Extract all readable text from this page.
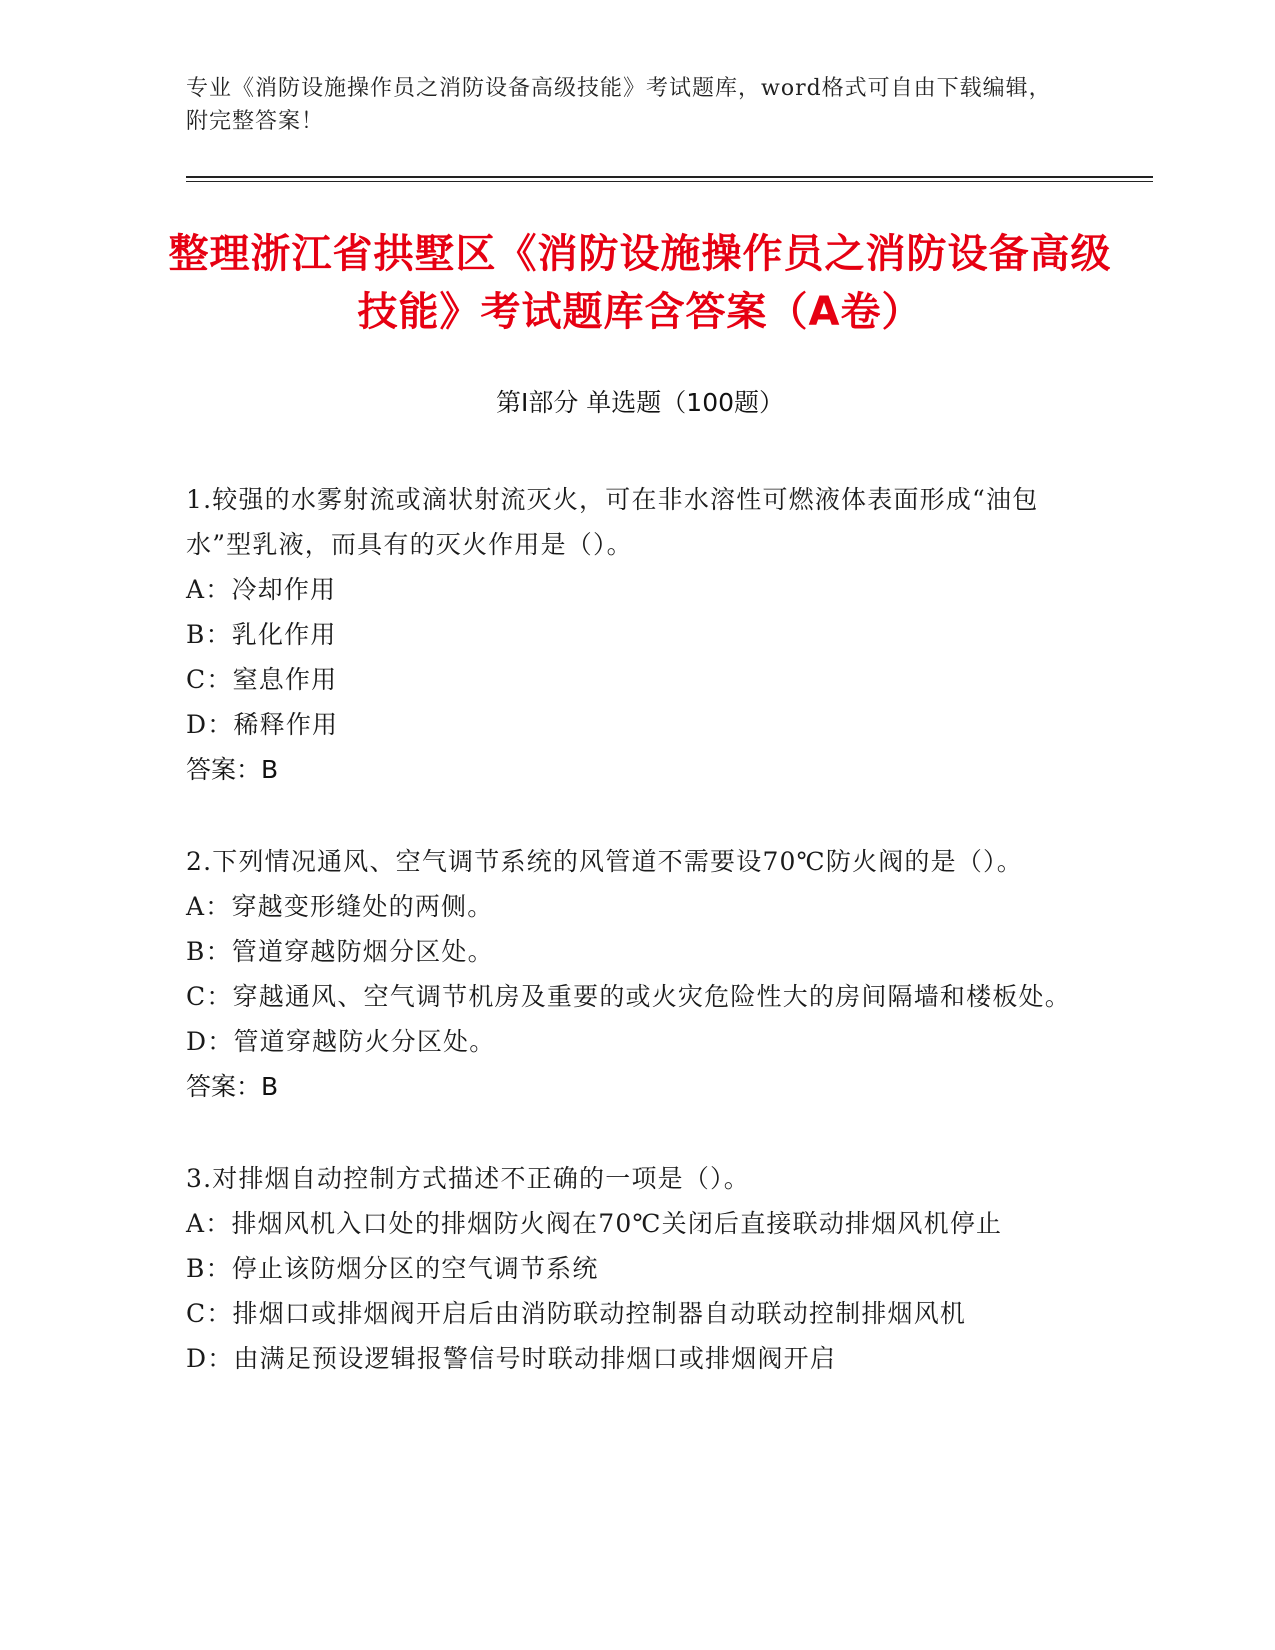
专业《消防设施操作员之消防设备高级技能》考试题库，word格式可自由下载编辑，附完整答案！
整理浙江省拱墅区《消防设施操作员之消防设备高级技能》考试题库含答案（A卷）
第Ⅰ部分 单选题（100题）
1.较强的水雾射流或滴状射流灭火，可在非水溶性可燃液体表面形成“油包水”型乳液，而具有的灭火作用是（）。
A：冷却作用
B：乳化作用
C：窒息作用
D：稀释作用
答案：B
2.下列情况通风、空气调节系统的风管道不需要设70℃防火阀的是（）。
A：穿越变形缝处的两侧。
B：管道穿越防烟分区处。
C：穿越通风、空气调节机房及重要的或火灾危险性大的房间隔墙和楼板处。
D：管道穿越防火分区处。
答案：B
3.对排烟自动控制方式描述不正确的一项是（）。
A：排烟风机入口处的排烟防火阀在70℃关闭后直接联动排烟风机停止
B：停止该防烟分区的空气调节系统
C：排烟口或排烟阀开启后由消防联动控制器自动联动控制排烟风机
D：由满足预设逻辑报警信号时联动排烟口或排烟阀开启
